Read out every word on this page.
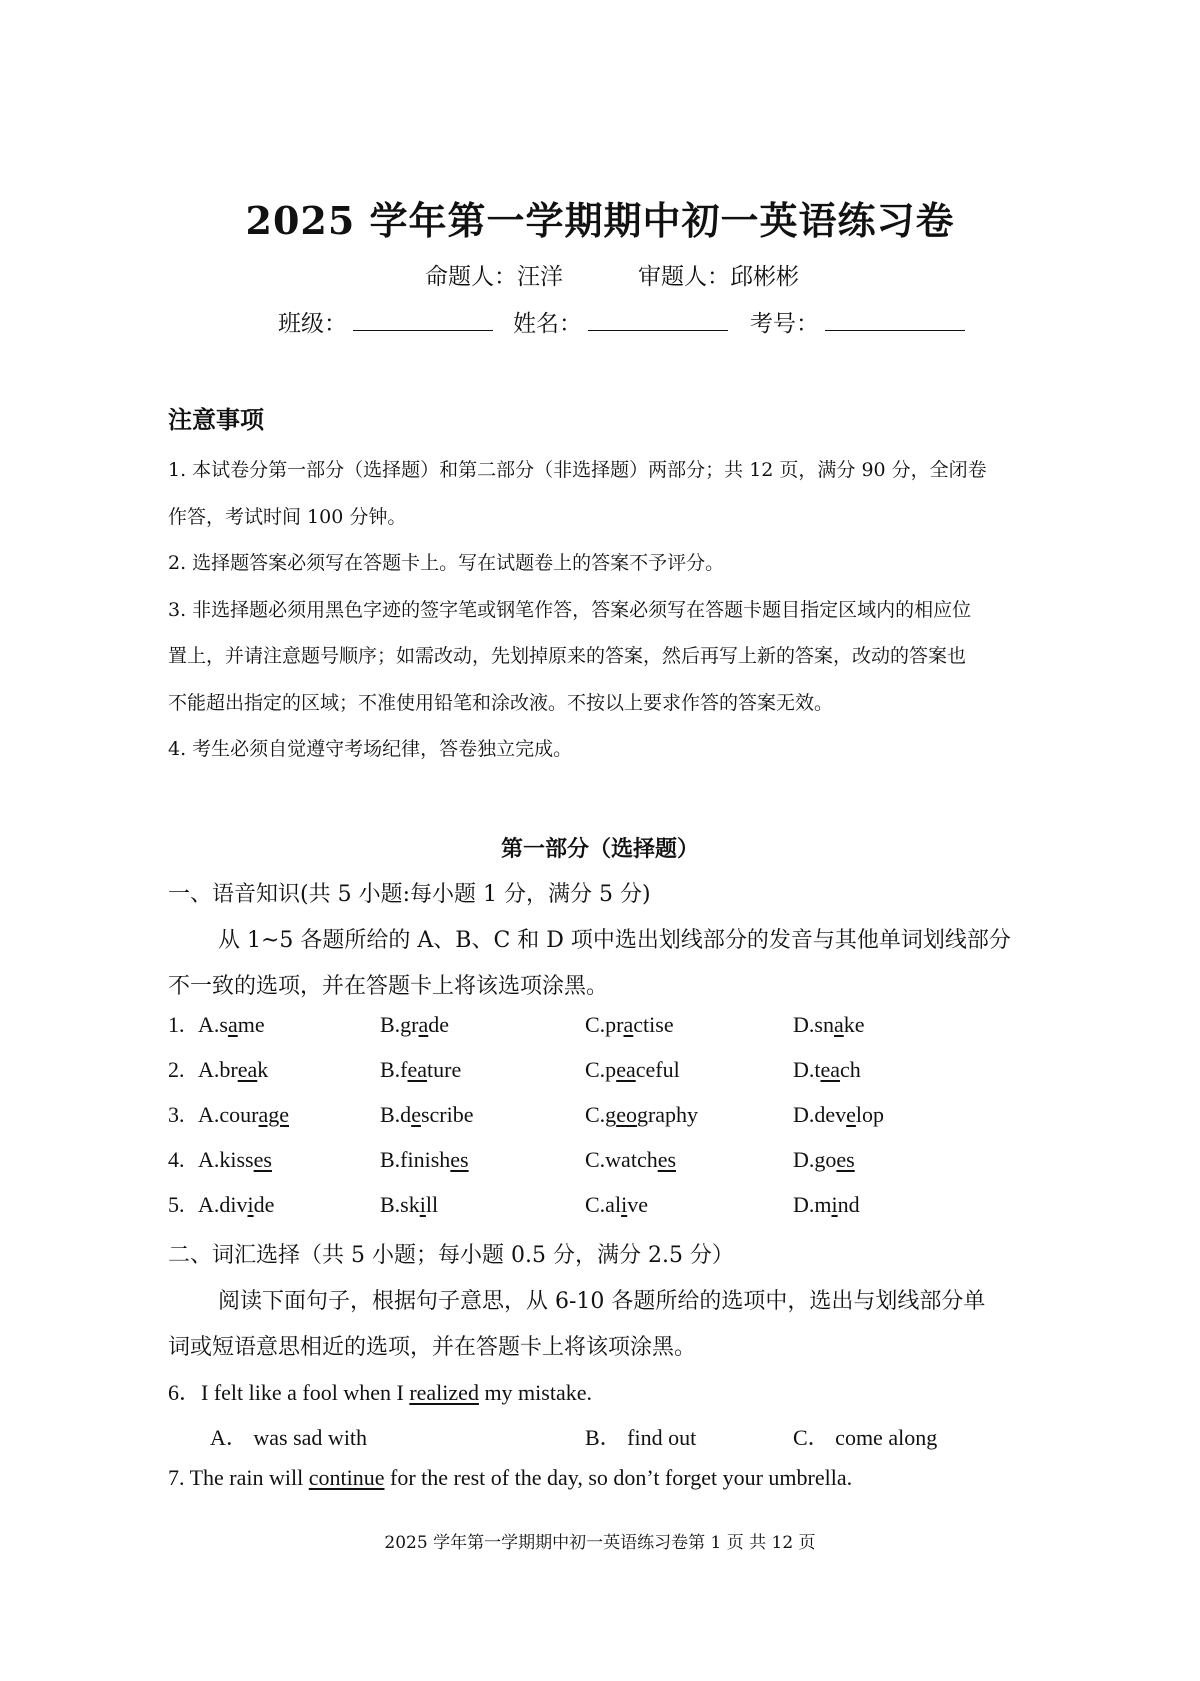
2025 学年第一学期期中初一英语练习卷
命题人：汪洋	审题人：邱彬彬
班级：	姓名：	考号：
注意事项
1. 本试卷分第一部分（选择题）和第二部分（非选择题）两部分；共 12 页，满分 90 分，全闭卷
作答，考试时间 100 分钟。
2. 选择题答案必须写在答题卡上。写在试题卷上的答案不予评分。
3. 非选择题必须用黑色字迹的签字笔或钢笔作答，答案必须写在答题卡题目指定区域内的相应位
置上，并请注意题号顺序；如需改动，先划掉原来的答案，然后再写上新的答案，改动的答案也
不能超出指定的区域；不准使用铅笔和涂改液。不按以上要求作答的答案无效。
4. 考生必须自觉遵守考场纪律，答卷独立完成。
第一部分（选择题）
一、语音知识(共 5 小题:每小题 1 分，满分 5 分)
从 1~5 各题所给的 A、B、C 和 D 项中选出划线部分的发音与其他单词划线部分
不一致的选项，并在答题卡上将该选项涂黑。
1. A.same	B.grade	C.practise	D.snake
2. A.break	B.feature	C.peaceful	D.teach
3. A.courage	B.describe	C.geography	D.develop
4. A.kisses	B.finishes	C.watches	D.goes
5. A.divide	B.skill	C.alive	D.mind
二、词汇选择（共 5 小题；每小题 0.5 分，满分 2.5 分）
阅读下面句子，根据句子意思，从 6-10 各题所给的选项中，选出与划线部分单
词或短语意思相近的选项，并在答题卡上将该项涂黑。
6．I felt like a fool when I realized my mistake.
A． was sad with	B． find out	C． come along
7. The rain will continue for the rest of the day, so don’t forget your umbrella.
2025 学年第一学期期中初一英语练习卷第 1 页 共 12 页
